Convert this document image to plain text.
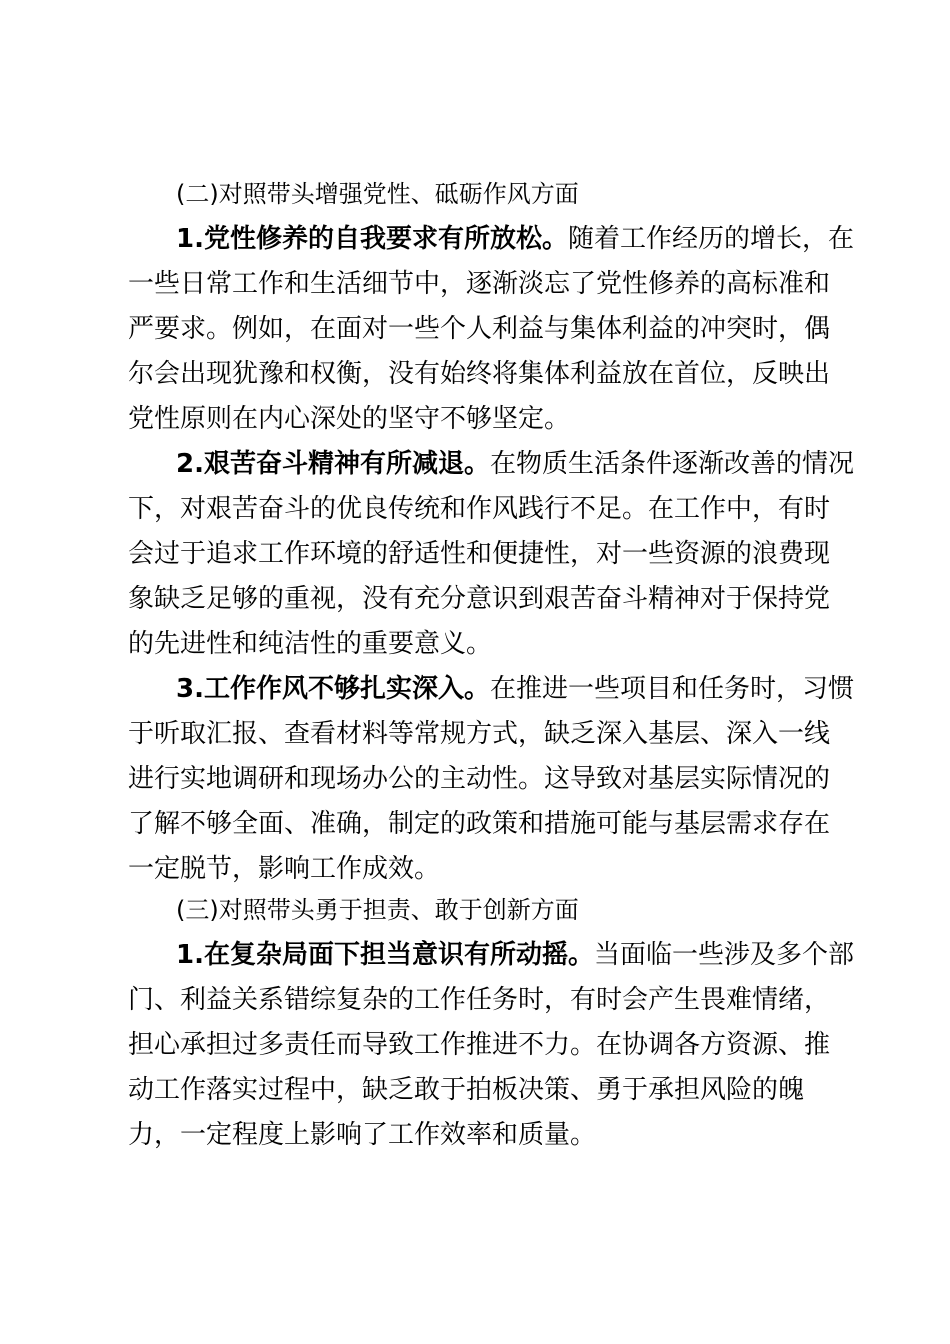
(二)对照带头增强党性、砥砺作风方面
1.党性修养的自我要求有所放松。随着工作经历的增长，在
一些日常工作和生活细节中，逐渐淡忘了党性修养的高标准和
严要求。例如，在面对一些个人利益与集体利益的冲突时，偶
尔会出现犹豫和权衡，没有始终将集体利益放在首位，反映出
党性原则在内心深处的坚守不够坚定。
2.艰苦奋斗精神有所减退。在物质生活条件逐渐改善的情况
下，对艰苦奋斗的优良传统和作风践行不足。在工作中，有时
会过于追求工作环境的舒适性和便捷性，对一些资源的浪费现
象缺乏足够的重视，没有充分意识到艰苦奋斗精神对于保持党
的先进性和纯洁性的重要意义。
3.工作作风不够扎实深入。在推进一些项目和任务时，习惯
于听取汇报、查看材料等常规方式，缺乏深入基层、深入一线
进行实地调研和现场办公的主动性。这导致对基层实际情况的
了解不够全面、准确，制定的政策和措施可能与基层需求存在
一定脱节，影响工作成效。
(三)对照带头勇于担责、敢于创新方面
1.在复杂局面下担当意识有所动摇。当面临一些涉及多个部
门、利益关系错综复杂的工作任务时，有时会产生畏难情绪，
担心承担过多责任而导致工作推进不力。在协调各方资源、推
动工作落实过程中，缺乏敢于拍板决策、勇于承担风险的魄
力，一定程度上影响了工作效率和质量。
